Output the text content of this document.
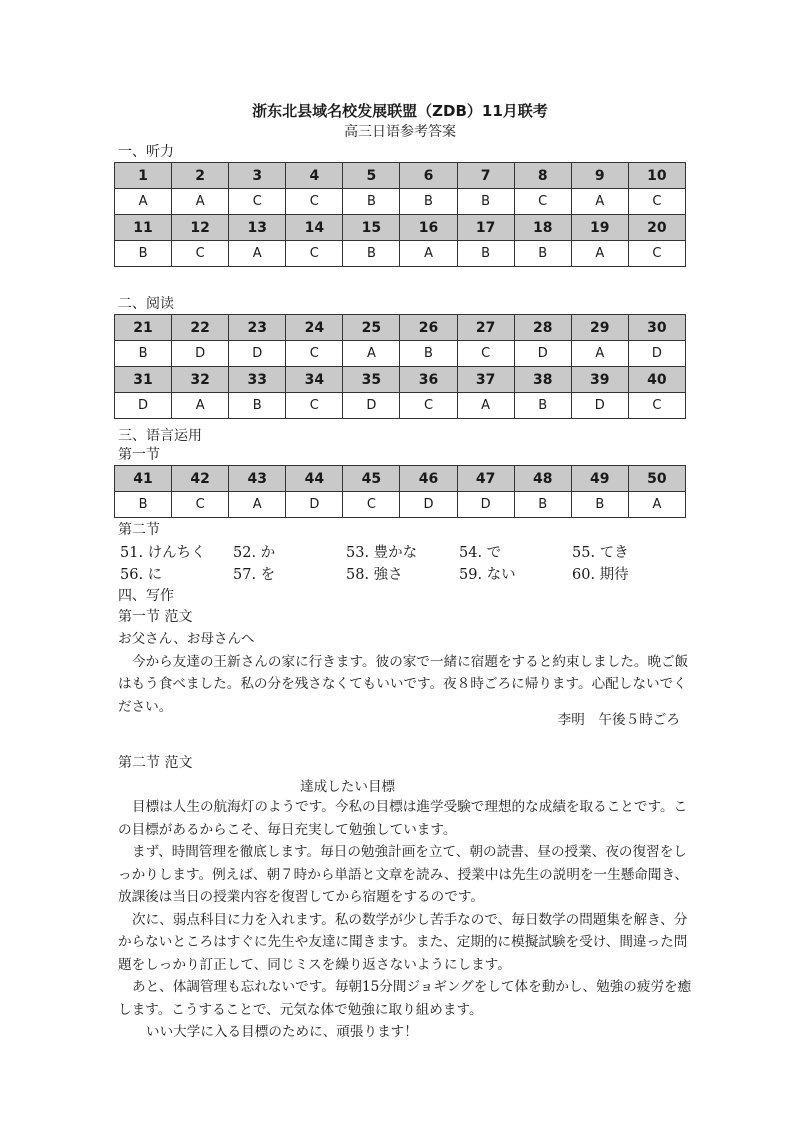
浙东北县域名校发展联盟（ZDB）11月联考
高三日语参考答案
一、听力
1	2	3	4	5	6	7	8	9	10
A	A	C	C	B	B	B	C	A	C
11	12	13	14	15	16	17	18	19	20
B	C	A	C	B	A	B	B	A	C
二、阅读
21	22	23	24	25	26	27	28	29	30
B	D	D	C	A	B	C	D	A	D
31	32	33	34	35	36	37	38	39	40
D	A	B	C	D	C	A	B	D	C
三、语言运用
第一节
41	42	43	44	45	46	47	48	49	50
B	C	A	D	C	D	D	B	B	A
第二节
51. けんちく	52. か	53. 豊かな	54. で	55. てき
56. に	57. を	58. 強さ	59. ない	60. 期待
四、写作
第一节 范文

お父さん、お母さんへ

今から友達の王新さんの家に行きます。彼の家で一緒に宿題をすると約束しました。晩ご飯はもう食べました。私の分を残さなくてもいいです。夜８時ごろに帰ります。心配しないでください。

李明　午後５時ごろ
第二节 范文
達成したい目標

目標は人生の航海灯のようです。今私の目標は進学受験で理想的な成績を取ることです。この目標があるからこそ、毎日充実して勉強しています。

まず、時間管理を徹底します。毎日の勉強計画を立て、朝の読書、昼の授業、夜の復習をしっかりします。例えば、朝７時から単語と文章を読み、授業中は先生の説明を一生懸命聞き、放課後は当日の授業内容を復習してから宿題をするのです。

次に、弱点科目に力を入れます。私の数学が少し苦手なので、毎日数学の問題集を解き、分からないところはすぐに先生や友達に聞きます。また、定期的に模擬試験を受け、間違った問題をしっかり訂正して、同じミスを繰り返さないようにします。

あと、体調管理も忘れないです。毎朝15分間ジョギングをして体を動かし、勉強の疲労を癒します。こうすることで、元気な体で勉強に取り組めます。

いい大学に入る目標のために、頑張ります！
